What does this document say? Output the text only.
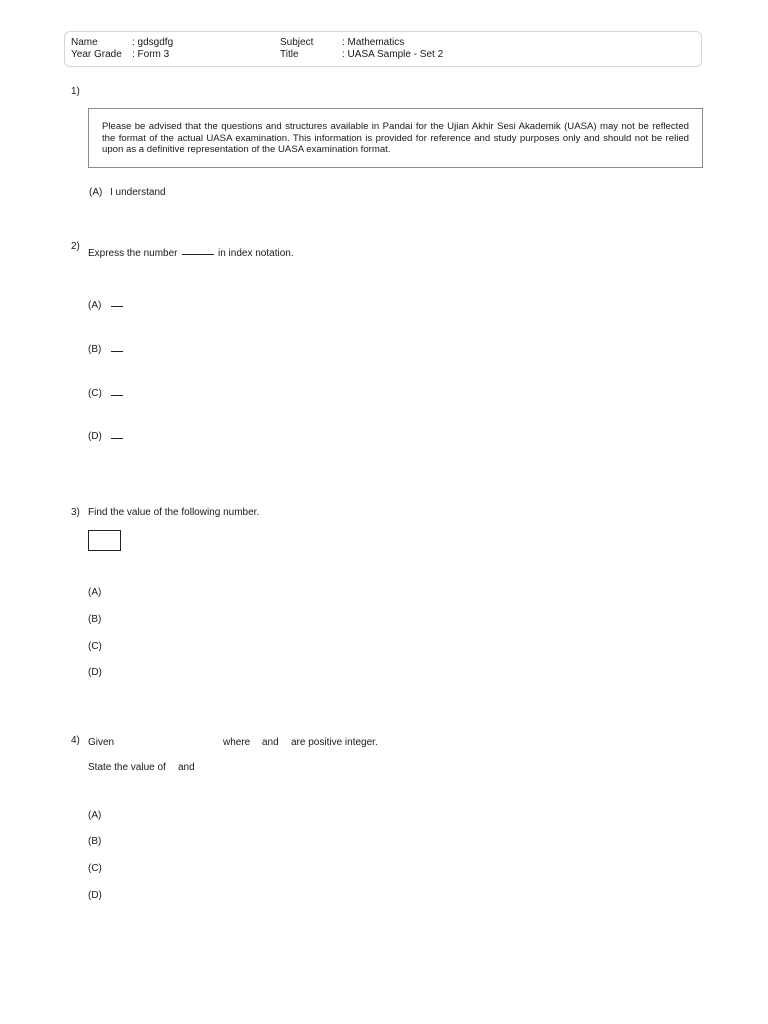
Name	: gdsgdfg
Year Grade : Form 3
Subject	: Mathematics
Title	: UASA Sample - Set 2
1)
Please be advised that the questions and structures available in Pandai for the Ujian Akhir Sesi Akademik (UASA) may not be reflected the format of the actual UASA examination. This information is provided for reference and study purposes only and should not be relied upon as a definitive representation of the UASA examination format.
(A) I understand
2)
Express the number	in index notation.
(A)
(B)
(C)
(D)
3) Find the value of the following number.
(A)
(B)
(C)
(D)
4) Given	where and are positive integer.
State the value of and
(A)
(B)
(C)
(D)
